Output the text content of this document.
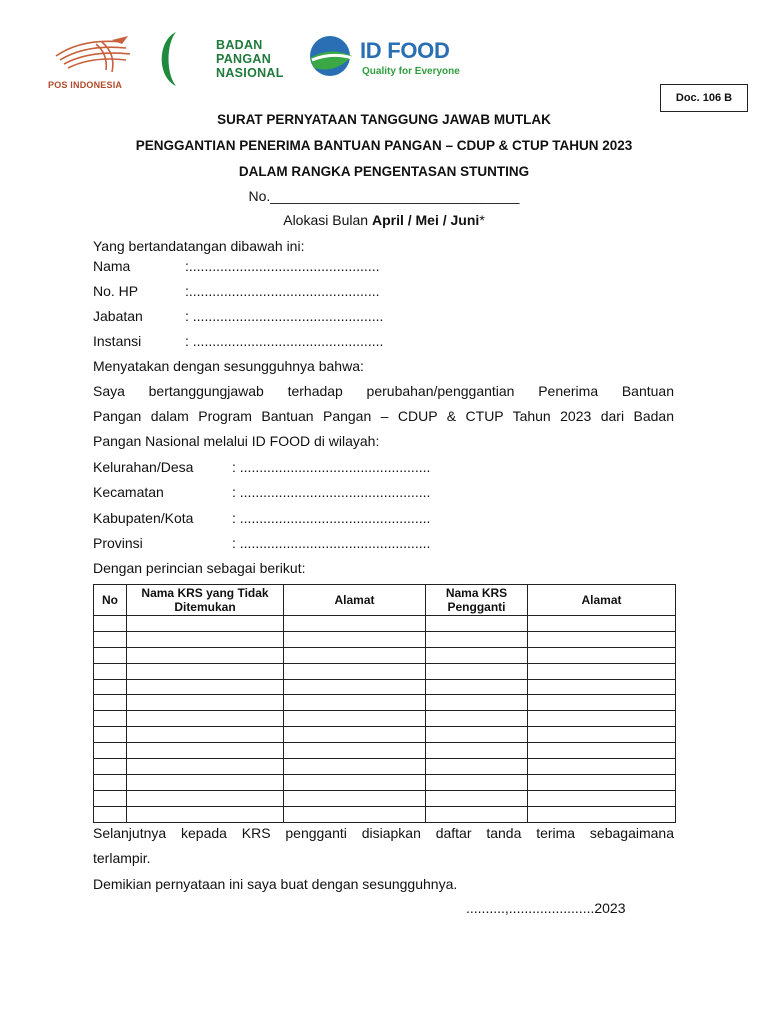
POS INDONESIA
BADAN
PANGAN
NASIONAL
ID FOOD
Quality for Everyone
Doc. 106 B
SURAT PERNYATAAN TANGGUNG JAWAB MUTLAK
PENGGANTIAN PENERIMA BANTUAN PANGAN – CDUP & CTUP TAHUN 2023
DALAM RANGKA PENGENTASAN STUNTING
No.________________________________
Alokasi Bulan April / Mei / Juni*
Yang bertandatangan dibawah ini:
Nama	:.................................................
No. HP	:.................................................
Jabatan	: .................................................
Instansi	: .................................................
Menyatakan dengan sesungguhnya bahwa:
Saya bertanggungjawab terhadap perubahan/penggantian Penerima Bantuan
Pangan dalam Program Bantuan Pangan – CDUP & CTUP Tahun 2023 dari Badan
Pangan Nasional melalui ID FOOD di wilayah:
Kelurahan/Desa	: .................................................
Kecamatan	: .................................................
Kabupaten/Kota	: .................................................
Provinsi	: .................................................
Dengan perincian sebagai berikut:
No	Nama KRS yang Tidak Ditemukan	Alamat	Nama KRS Pengganti	Alamat

Selanjutnya kepada KRS pengganti disiapkan daftar tanda terima sebagaimana
terlampir.
Demikian pernyataan ini saya buat dengan sesungguhnya.
..........,......................2023
